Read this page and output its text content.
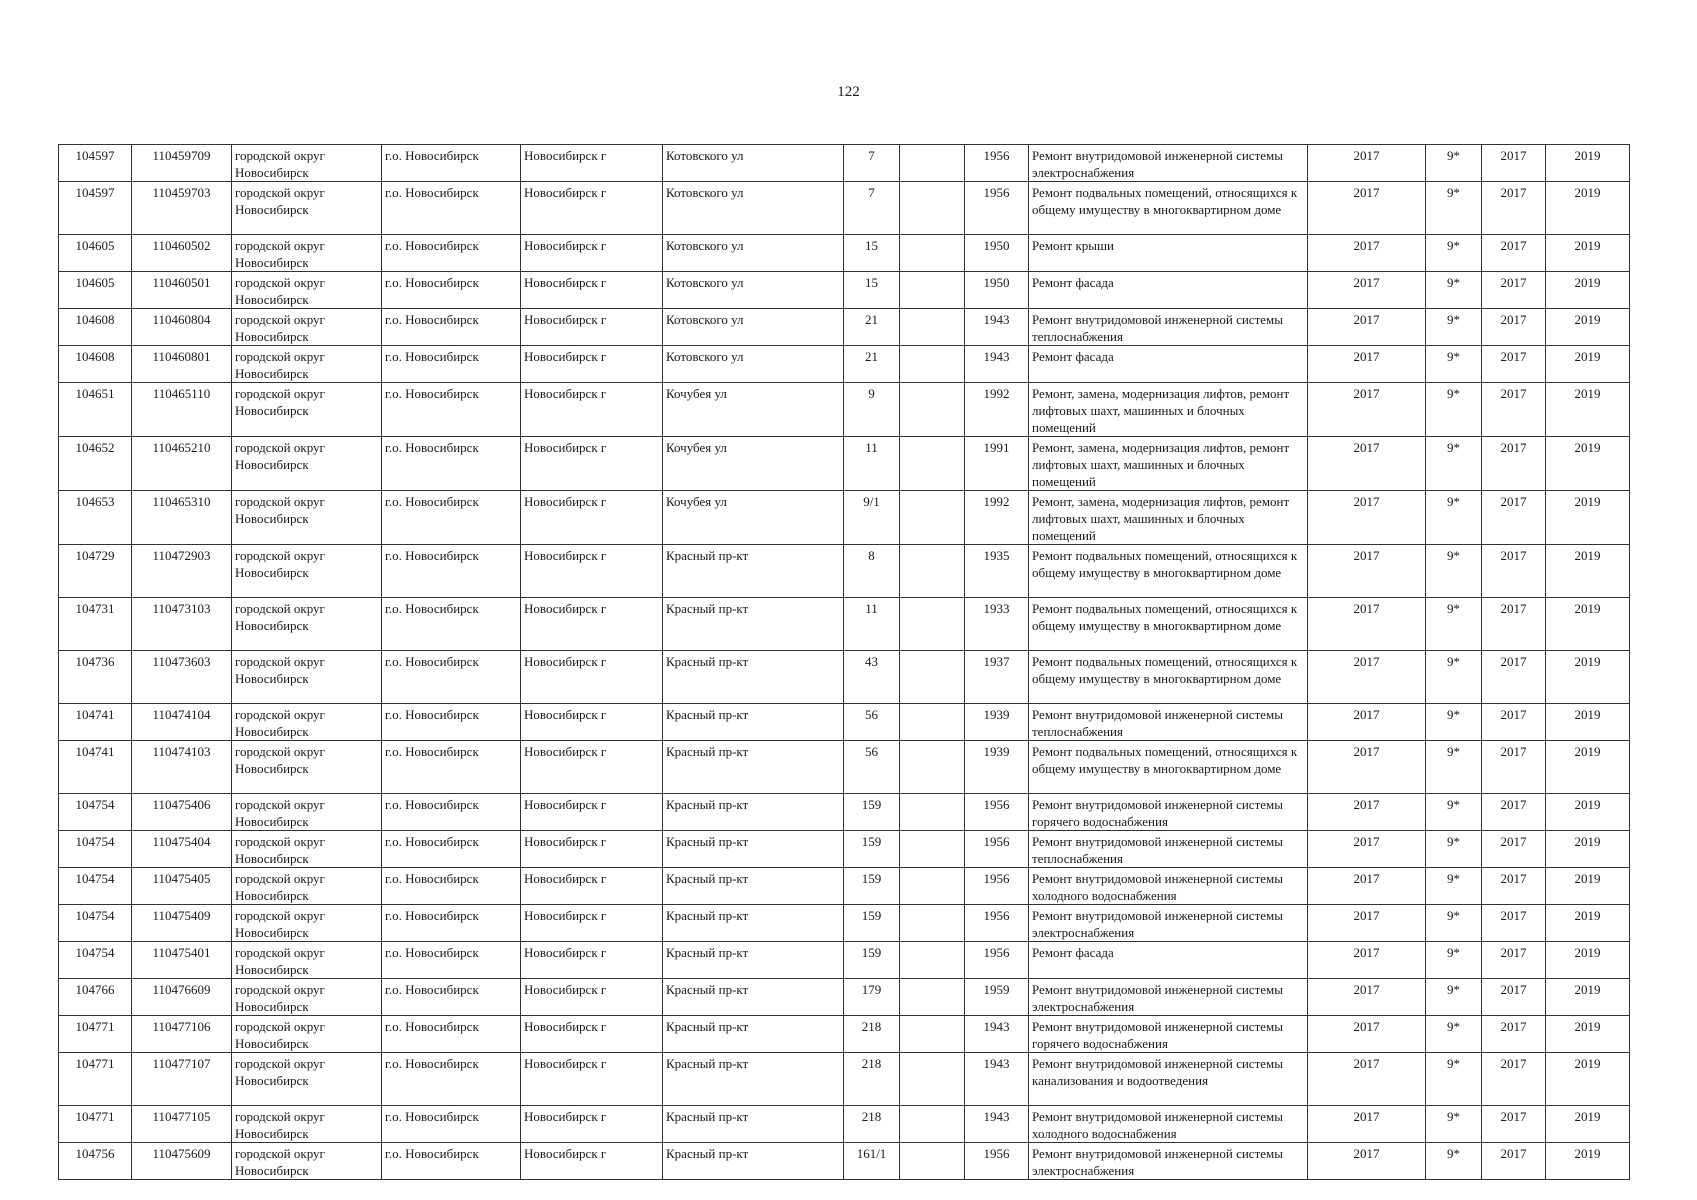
122
104597	110459709	городской округ Новосибирск	г.о. Новосибирск	Новосибирск г	Котовского ул	7		1956	Ремонт внутридомовой инженерной системы электроснабжения	2017	9*	2017	2019
104597	110459703	городской округ Новосибирск	г.о. Новосибирск	Новосибирск г	Котовского ул	7		1956	Ремонт подвальных помещений, относящихся к общему имуществу в многоквартирном доме	2017	9*	2017	2019
104605	110460502	городской округ Новосибирск	г.о. Новосибирск	Новосибирск г	Котовского ул	15		1950	Ремонт крыши	2017	9*	2017	2019
104605	110460501	городской округ Новосибирск	г.о. Новосибирск	Новосибирск г	Котовского ул	15		1950	Ремонт фасада	2017	9*	2017	2019
104608	110460804	городской округ Новосибирск	г.о. Новосибирск	Новосибирск г	Котовского ул	21		1943	Ремонт внутридомовой инженерной системы теплоснабжения	2017	9*	2017	2019
104608	110460801	городской округ Новосибирск	г.о. Новосибирск	Новосибирск г	Котовского ул	21		1943	Ремонт фасада	2017	9*	2017	2019
104651	110465110	городской округ Новосибирск	г.о. Новосибирск	Новосибирск г	Кочубея ул	9		1992	Ремонт, замена, модернизация лифтов, ремонт лифтовых шахт, машинных и блочных помещений	2017	9*	2017	2019
104652	110465210	городской округ Новосибирск	г.о. Новосибирск	Новосибирск г	Кочубея ул	11		1991	Ремонт, замена, модернизация лифтов, ремонт лифтовых шахт, машинных и блочных помещений	2017	9*	2017	2019
104653	110465310	городской округ Новосибирск	г.о. Новосибирск	Новосибирск г	Кочубея ул	9/1		1992	Ремонт, замена, модернизация лифтов, ремонт лифтовых шахт, машинных и блочных помещений	2017	9*	2017	2019
104729	110472903	городской округ Новосибирск	г.о. Новосибирск	Новосибирск г	Красный пр-кт	8		1935	Ремонт подвальных помещений, относящихся к общему имуществу в многоквартирном доме	2017	9*	2017	2019
104731	110473103	городской округ Новосибирск	г.о. Новосибирск	Новосибирск г	Красный пр-кт	11		1933	Ремонт подвальных помещений, относящихся к общему имуществу в многоквартирном доме	2017	9*	2017	2019
104736	110473603	городской округ Новосибирск	г.о. Новосибирск	Новосибирск г	Красный пр-кт	43		1937	Ремонт подвальных помещений, относящихся к общему имуществу в многоквартирном доме	2017	9*	2017	2019
104741	110474104	городской округ Новосибирск	г.о. Новосибирск	Новосибирск г	Красный пр-кт	56		1939	Ремонт внутридомовой инженерной системы теплоснабжения	2017	9*	2017	2019
104741	110474103	городской округ Новосибирск	г.о. Новосибирск	Новосибирск г	Красный пр-кт	56		1939	Ремонт подвальных помещений, относящихся к общему имуществу в многоквартирном доме	2017	9*	2017	2019
104754	110475406	городской округ Новосибирск	г.о. Новосибирск	Новосибирск г	Красный пр-кт	159		1956	Ремонт внутридомовой инженерной системы горячего водоснабжения	2017	9*	2017	2019
104754	110475404	городской округ Новосибирск	г.о. Новосибирск	Новосибирск г	Красный пр-кт	159		1956	Ремонт внутридомовой инженерной системы теплоснабжения	2017	9*	2017	2019
104754	110475405	городской округ Новосибирск	г.о. Новосибирск	Новосибирск г	Красный пр-кт	159		1956	Ремонт внутридомовой инженерной системы холодного водоснабжения	2017	9*	2017	2019
104754	110475409	городской округ Новосибирск	г.о. Новосибирск	Новосибирск г	Красный пр-кт	159		1956	Ремонт внутридомовой инженерной системы электроснабжения	2017	9*	2017	2019
104754	110475401	городской округ Новосибирск	г.о. Новосибирск	Новосибирск г	Красный пр-кт	159		1956	Ремонт фасада	2017	9*	2017	2019
104766	110476609	городской округ Новосибирск	г.о. Новосибирск	Новосибирск г	Красный пр-кт	179		1959	Ремонт внутридомовой инженерной системы электроснабжения	2017	9*	2017	2019
104771	110477106	городской округ Новосибирск	г.о. Новосибирск	Новосибирск г	Красный пр-кт	218		1943	Ремонт внутридомовой инженерной системы горячего водоснабжения	2017	9*	2017	2019
104771	110477107	городской округ Новосибирск	г.о. Новосибирск	Новосибирск г	Красный пр-кт	218		1943	Ремонт внутридомовой инженерной системы канализования и водоотведения	2017	9*	2017	2019
104771	110477105	городской округ Новосибирск	г.о. Новосибирск	Новосибирск г	Красный пр-кт	218		1943	Ремонт внутридомовой инженерной системы холодного водоснабжения	2017	9*	2017	2019
104756	110475609	городской округ Новосибирск	г.о. Новосибирск	Новосибирск г	Красный пр-кт	161/1		1956	Ремонт внутридомовой инженерной системы электроснабжения	2017	9*	2017	2019
